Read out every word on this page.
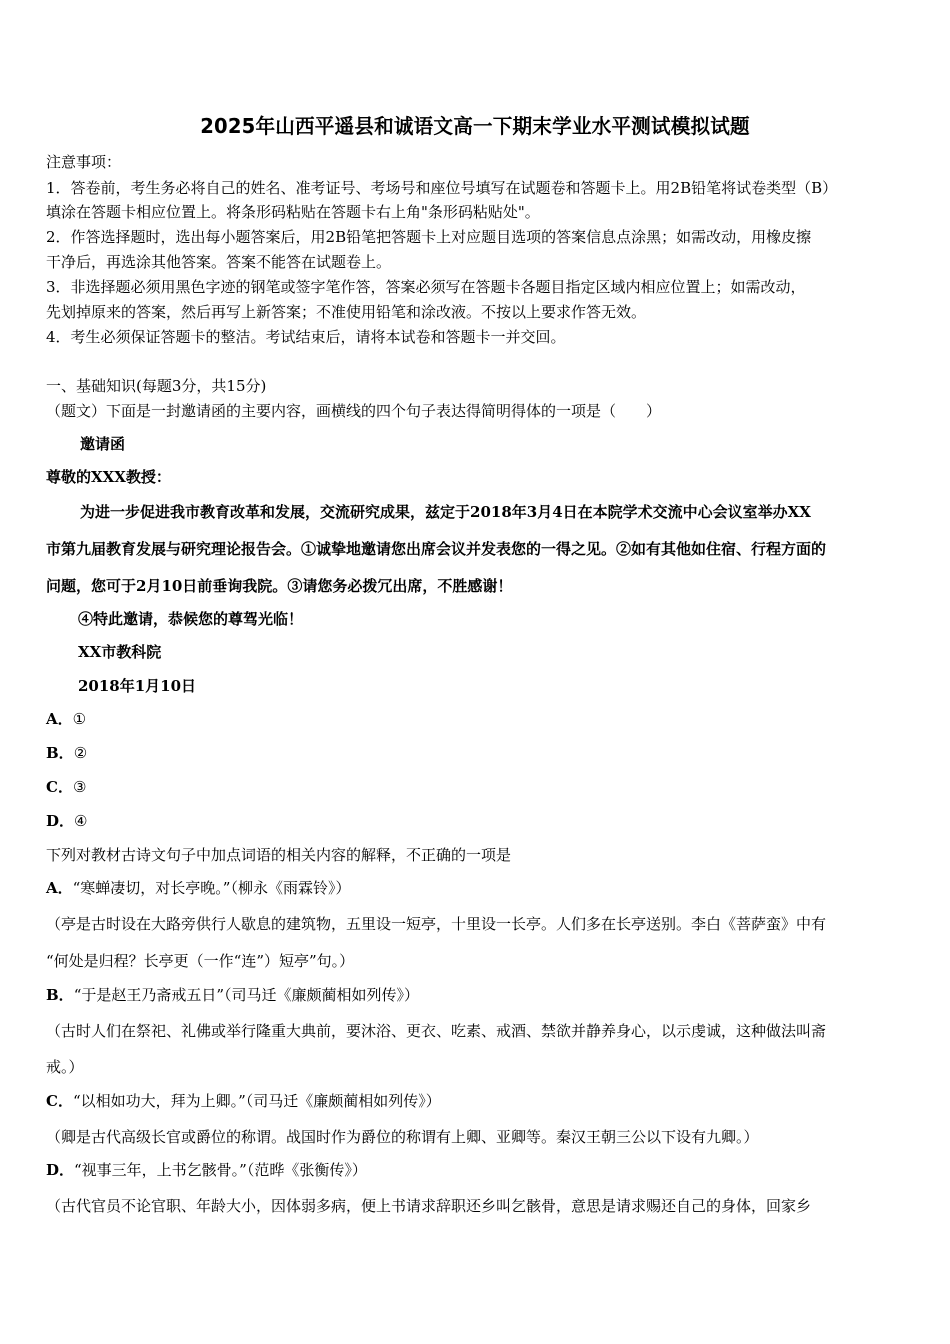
2025年山西平遥县和诚语文高一下期末学业水平测试模拟试题
注意事项：
1．答卷前，考生务必将自己的姓名、准考证号、考场号和座位号填写在试题卷和答题卡上。用2B铅笔将试卷类型（B）
填涂在答题卡相应位置上。将条形码粘贴在答题卡右上角"条形码粘贴处"。
2．作答选择题时，选出每小题答案后，用2B铅笔把答题卡上对应题目选项的答案信息点涂黑；如需改动，用橡皮擦
干净后，再选涂其他答案。答案不能答在试题卷上。
3．非选择题必须用黑色字迹的钢笔或签字笔作答，答案必须写在答题卡各题目指定区域内相应位置上；如需改动，
先划掉原来的答案，然后再写上新答案；不准使用铅笔和涂改液。不按以上要求作答无效。
4．考生必须保证答题卡的整洁。考试结束后，请将本试卷和答题卡一并交回。
一、基础知识(每题3分，共15分)
（题文）下面是一封邀请函的主要内容，画横线的四个句子表达得简明得体的一项是（　　）
邀请函
尊敬的XXX教授：
为进一步促进我市教育改革和发展，交流研究成果，兹定于2018年3月4日在本院学术交流中心会议室举办XX
市第九届教育发展与研究理论报告会。①诚挚地邀请您出席会议并发表您的一得之见。②如有其他如住宿、行程方面的
问题，您可于2月10日前垂询我院。③请您务必拨冗出席，不胜感谢！
④特此邀请，恭候您的尊驾光临！
XX市教科院
2018年1月10日
A．①
B．②
C．③
D．④
下列对教材古诗文句子中加点词语的相关内容的解释，不正确的一项是
A．“寒蝉凄切，对长亭晚。”（柳永《雨霖铃》）
（亭是古时设在大路旁供行人歇息的建筑物，五里设一短亭，十里设一长亭。人们多在长亭送别。李白《菩萨蛮》中有
“何处是归程？长亭更（一作“连”）短亭”句。）
B．“于是赵王乃斋戒五日”（司马迁《廉颇蔺相如列传》）
（古时人们在祭祀、礼佛或举行隆重大典前，要沐浴、更衣、吃素、戒酒、禁欲并静养身心，以示虔诚，这种做法叫斋
戒。）
C．“以相如功大，拜为上卿。”（司马迁《廉颇蔺相如列传》）
（卿是古代高级长官或爵位的称谓。战国时作为爵位的称谓有上卿、亚卿等。秦汉王朝三公以下设有九卿。）
D．“视事三年，上书乞骸骨。”（范晔《张衡传》）
（古代官员不论官职、年龄大小，因体弱多病，便上书请求辞职还乡叫乞骸骨，意思是请求赐还自己的身体，回家乡
